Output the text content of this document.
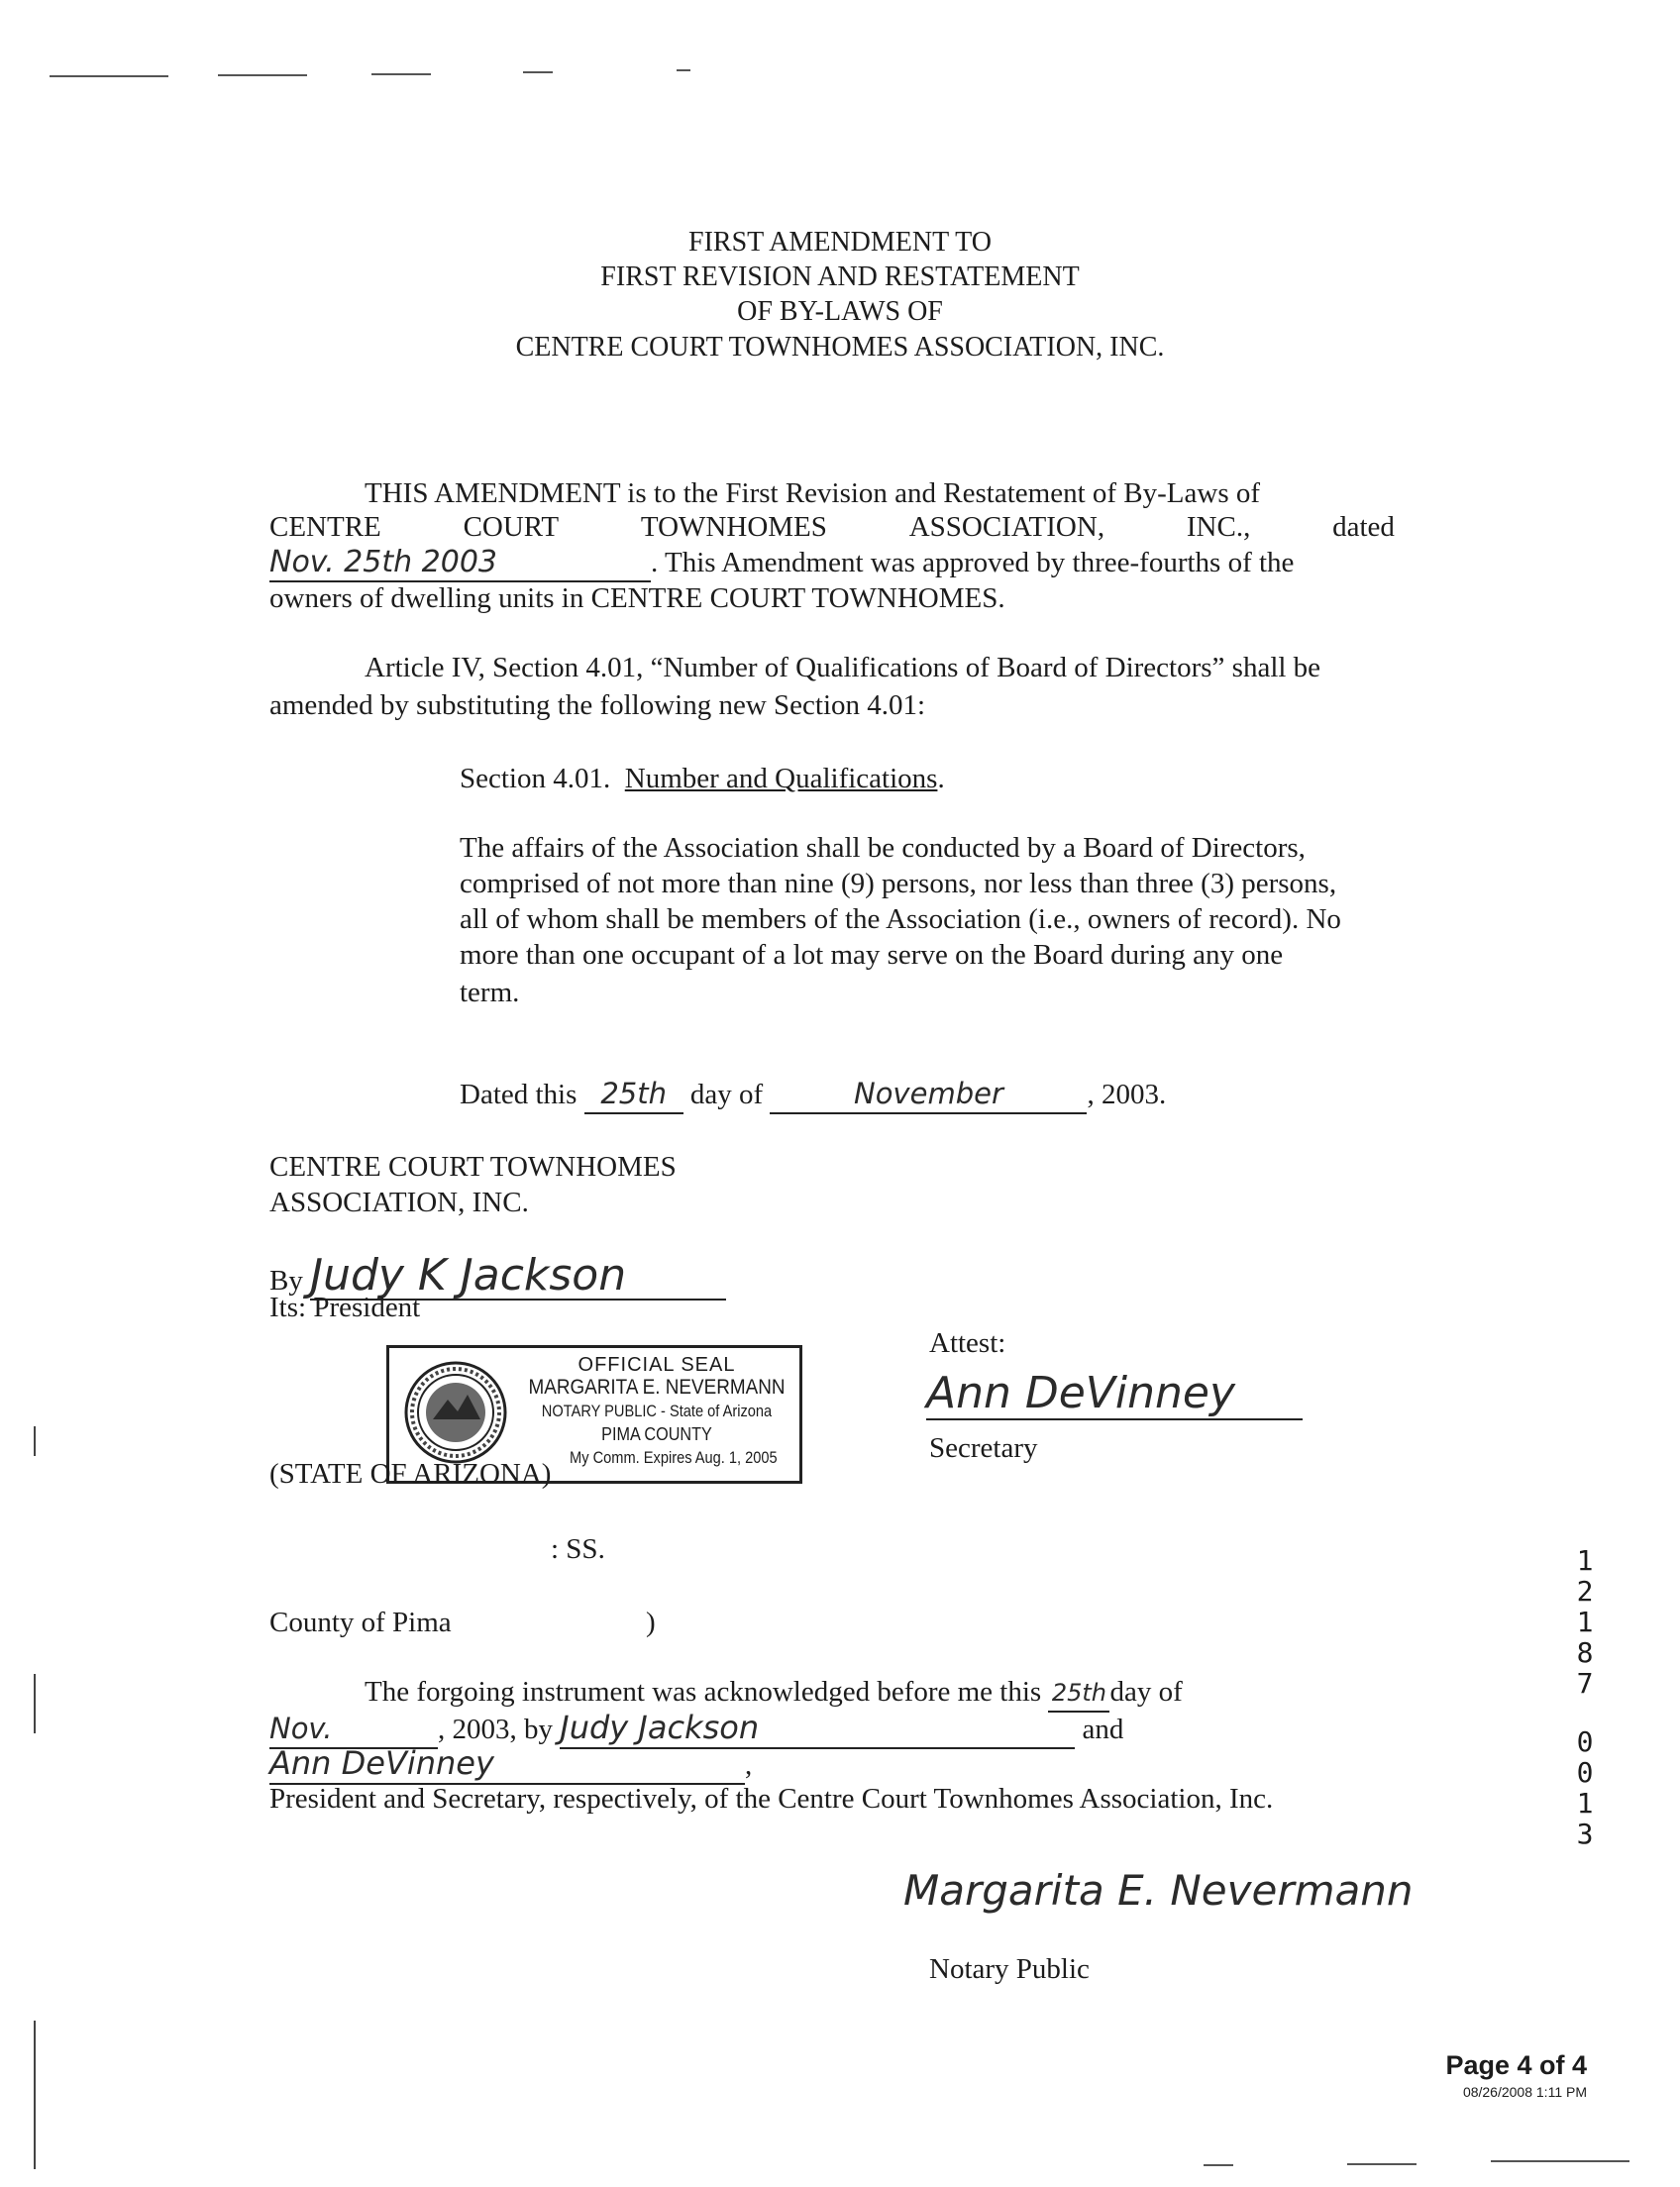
FIRST AMENDMENT TO
FIRST REVISION AND RESTATEMENT
OF BY-LAWS OF
CENTRE COURT TOWNHOMES ASSOCIATION, INC.
THIS AMENDMENT is to the First Revision and Restatement of By-Laws of
CENTRE	COURT	TOWNHOMES	ASSOCIATION,	INC.,	dated
Nov. 25th 2003	. This Amendment was approved by three-fourths of the
owners of dwelling units in CENTRE COURT TOWNHOMES.
Article IV, Section 4.01, “Number of Qualifications of Board of Directors” shall be
amended by substituting the following new Section 4.01:
Section 4.01. Number and Qualifications.
The affairs of the Association shall be conducted by a Board of Directors,
comprised of not more than nine (9) persons, nor less than three (3) persons,
all of whom shall be members of the Association (i.e., owners of record). No
more than one occupant of a lot may serve on the Board during any one
term.
Dated this 25th day of	November	, 2003.
CENTRE COURT TOWNHOMES
ASSOCIATION, INC.
By Judy K Jackson
Its: President
Attest:
Ann DeVinney
Secretary
OFFICIAL SEAL
MARGARITA E. NEVERMANN
NOTARY PUBLIC - State of Arizona
PIMA COUNTY
My Comm. Expires Aug. 1, 2005
(STATE OF ARIZONA)
: SS.
County of Pima	)
The forgoing instrument was acknowledged before me this 25th day of
Nov.	, 2003, by Judy Jackson	and
Ann DeVinney	,
President and Secretary, respectively, of the Centre Court Townhomes Association, Inc.
Margarita E. Nevermann
Notary Public
1
2
1
8
7
0
0
1
3
Page 4 of 4
08/26/2008 1:11 PM
